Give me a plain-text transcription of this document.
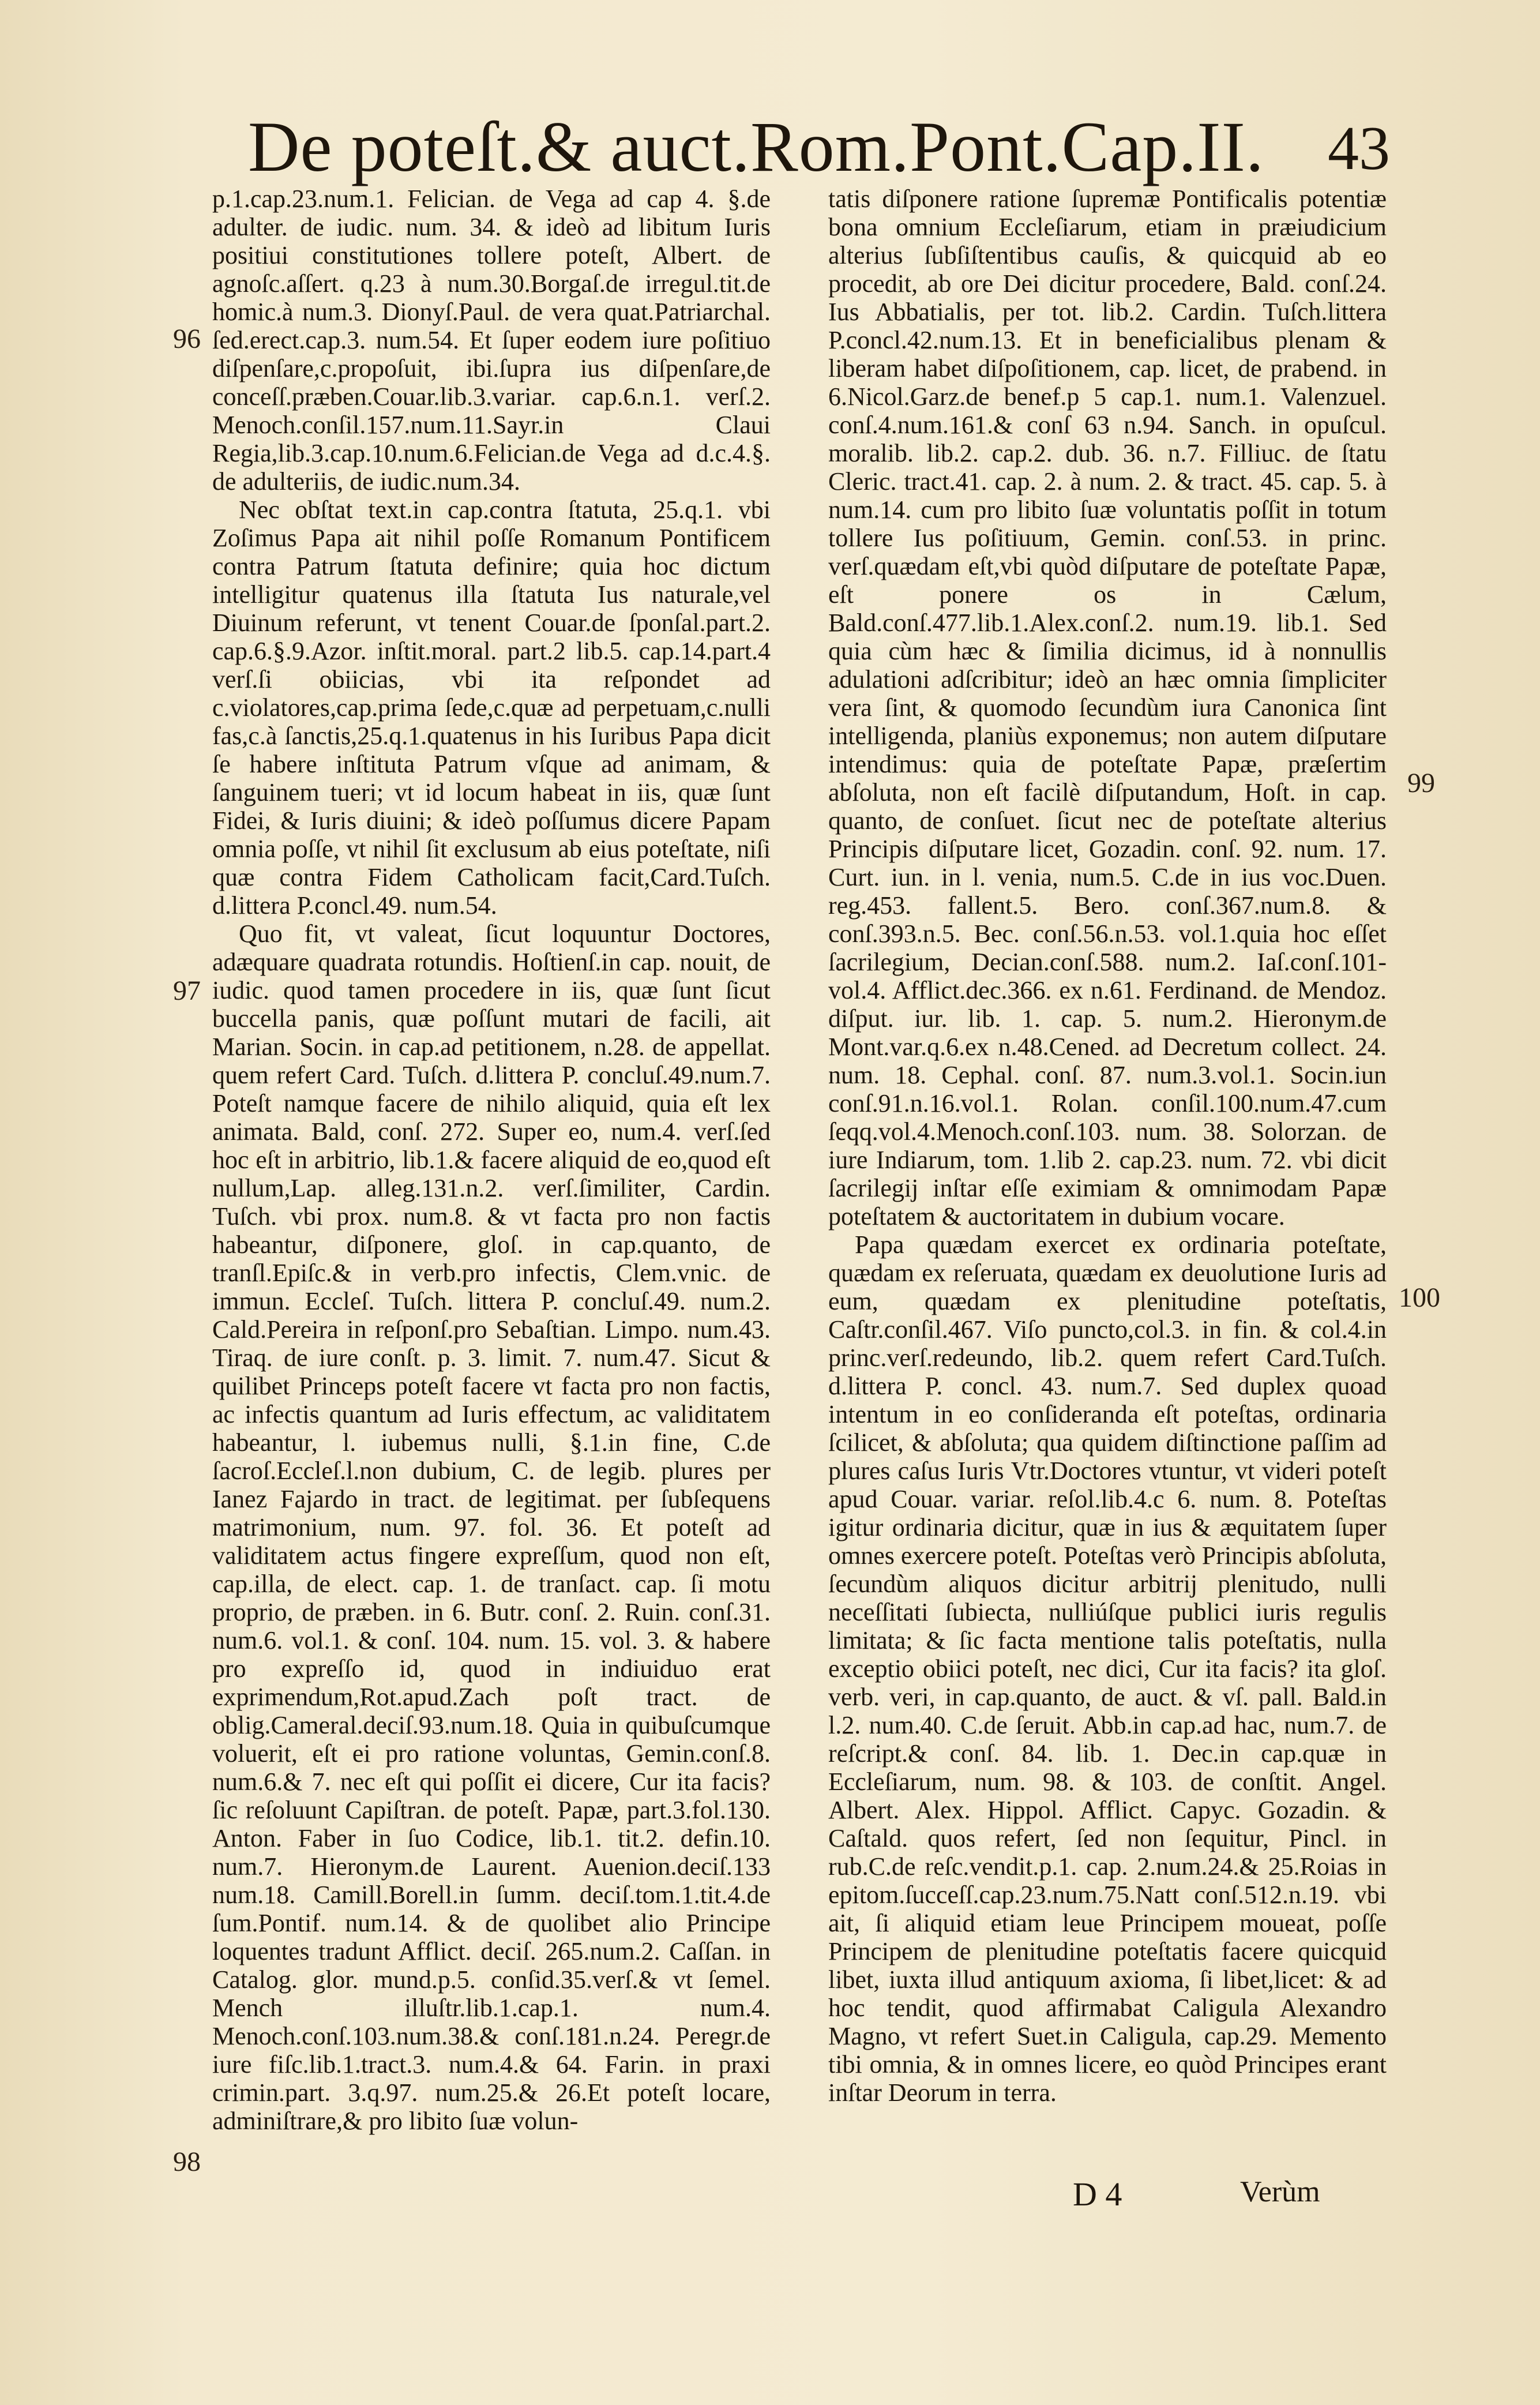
De poteſt.& auct.Rom.Pont.Cap.II. 43

p.1.cap.23.num.1. Felician. de Vega ad cap 4. §.de adulter. de iudic. num. 34. & ideò ad libitum Iuris positiui constitutiones tollere poteſt, Albert. de agnoſc.aſſert. q.23 à num.30.Borgaſ.de irregul.tit.de homic.à num.3. Dionyſ.Paul. de vera quat.Patriarchal. ſed.erect.cap.3. num.54. Et ſuper eodem iure poſitiuo diſpenſare,c.propoſuit, ibi.ſupra ius diſpenſare,de conceſſ.præben.Couar.lib.3.variar. cap.6.n.1. verſ.2. Menoch.conſil.157.num.11.Sayr.in Claui Regia,lib.3.cap.10.num.6.Felician.de Vega ad d.c.4.§. de adulteriis, de iudic.num.34.

Nec obſtat text.in cap.contra ſtatuta, 25.q.1. vbi Zoſimus Papa ait nihil poſſe Romanum Pontificem contra Patrum ſtatuta definire; quia hoc dictum intelligitur quatenus illa ſtatuta Ius naturale,vel Diuinum referunt, vt tenent Couar.de ſponſal.part.2. cap.6.§.9.Azor. inſtit.moral. part.2 lib.5. cap.14.part.4 verſ.ſi obiicias, vbi ita reſpondet ad c.violatores,cap.prima ſede,c.quæ ad perpetuam,c.nulli fas,c.à ſanctis,25.q.1.quatenus in his Iuribus Papa dicit ſe habere inſtituta Patrum vſque ad animam, & ſanguinem tueri; vt id locum habeat in iis, quæ ſunt Fidei, & Iuris diuini; & ideò poſſumus dicere Papam omnia poſſe, vt nihil ſit exclusum ab eius poteſtate, niſi quæ contra Fidem Catholicam facit,Card.Tuſch. d.littera P.concl.49. num.54.

Quo fit, vt valeat, ſicut loquuntur Doctores, adæquare quadrata rotundis. Hoſtienſ.in cap. nouit, de iudic. quod tamen procedere in iis, quæ ſunt ſicut buccella panis, quæ poſſunt mutari de facili, ait Marian. Socin. in cap.ad petitionem, n.28. de appellat. quem refert Card. Tuſch. d.littera P. concluſ.49.num.7. Poteſt namque facere de nihilo aliquid, quia eſt lex animata. Bald, conſ. 272. Super eo, num.4. verſ.ſed hoc eſt in arbitrio, lib.1.& facere aliquid de eo,quod eſt nullum,Lap. alleg.131.n.2. verſ.ſimiliter, Cardin. Tuſch. vbi prox. num.8. & vt facta pro non factis habeantur, diſponere, gloſ. in cap.quanto, de tranſl.Epiſc.& in verb.pro infectis, Clem.vnic. de immun. Eccleſ. Tuſch. littera P. concluſ.49. num.2. Cald.Pereira in reſponſ.pro Sebaſtian. Limpo. num.43. Tiraq. de iure conſt. p. 3. limit. 7. num.47. Sicut & quilibet Princeps poteſt facere vt facta pro non factis, ac infectis quantum ad Iuris effectum, ac validitatem habeantur, l. iubemus nulli, §.1.in fine, C.de ſacroſ.Eccleſ.l.non dubium, C. de legib. plures per Ianez Fajardo in tract. de legitimat. per ſubſequens matrimonium, num. 97. fol. 36. Et poteſt ad validitatem actus fingere expreſſum, quod non eſt, cap.illa, de elect. cap. 1. de tranſact. cap. ſi motu proprio, de præben. in 6. Butr. conſ. 2. Ruin. conſ.31. num.6. vol.1. & conſ. 104. num. 15. vol. 3. & habere pro expreſſo id, quod in indiuiduo erat exprimendum,Rot.apud.Zach poſt tract. de oblig.Cameral.deciſ.93.num.18. Quia in quibuſcumque voluerit, eſt ei pro ratione voluntas, Gemin.conſ.8. num.6.& 7. nec eſt qui poſſit ei dicere, Cur ita facis? ſic reſoluunt Capiſtran. de poteſt. Papæ, part.3.fol.130. Anton. Faber in ſuo Codice, lib.1. tit.2. defin.10. num.7. Hieronym.de Laurent. Auenion.deciſ.133 num.18. Camill.Borell.in ſumm. deciſ.tom.1.tit.4.de ſum.Pontif. num.14. & de quolibet alio Principe loquentes tradunt Afflict. deciſ. 265.num.2. Caſſan. in Catalog. glor. mund.p.5. conſid.35.verſ.& vt ſemel. Mench illuſtr.lib.1.cap.1. num.4. Menoch.conſ.103.num.38.& conſ.181.n.24. Peregr.de iure fiſc.lib.1.tract.3. num.4.& 64. Farin. in praxi crimin.part. 3.q.97. num.25.& 26.Et poteſt locare, adminiſtrare,& pro libito ſuæ volun-

tatis diſponere ratione ſupremæ Pontificalis potentiæ bona omnium Eccleſiarum, etiam in præiudicium alterius ſubſiſtentibus cauſis, & quicquid ab eo procedit, ab ore Dei dicitur procedere, Bald. conſ.24. Ius Abbatialis, per tot. lib.2. Cardin. Tuſch.littera P.concl.42.num.13. Et in beneficialibus plenam & liberam habet diſpoſitionem, cap. licet, de prabend. in 6.Nicol.Garz.de benef.p 5 cap.1. num.1. Valenzuel. conſ.4.num.161.& conſ 63 n.94. Sanch. in opuſcul. moralib. lib.2. cap.2. dub. 36. n.7. Filliuc. de ſtatu Cleric. tract.41. cap. 2. à num. 2. & tract. 45. cap. 5. à num.14. cum pro libito ſuæ voluntatis poſſit in totum tollere Ius poſitiuum, Gemin. conſ.53. in princ. verſ.quædam eſt,vbi quòd diſputare de poteſtate Papæ, eſt ponere os in Cælum, Bald.conſ.477.lib.1.Alex.conſ.2. num.19. lib.1. Sed quia cùm hæc & ſimilia dicimus, id à nonnullis adulationi adſcribitur; ideò an hæc omnia ſimpliciter vera ſint, & quomodo ſecundùm iura Canonica ſint intelligenda, planiùs exponemus; non autem diſputare intendimus: quia de poteſtate Papæ, præſertim abſoluta, non eſt facilè diſputandum, Hoſt. in cap. quanto, de conſuet. ſicut nec de poteſtate alterius Principis diſputare licet, Gozadin. conſ. 92. num. 17. Curt. iun. in l. venia, num.5. C.de in ius voc.Duen. reg.453. fallent.5. Bero. conſ.367.num.8. & conſ.393.n.5. Bec. conſ.56.n.53. vol.1.quia hoc eſſet ſacrilegium, Decian.conſ.588. num.2. Iaſ.conſ.101-vol.4. Afflict.dec.366. ex n.61. Ferdinand. de Mendoz. diſput. iur. lib. 1. cap. 5. num.2. Hieronym.de Mont.var.q.6.ex n.48.Cened. ad Decretum collect. 24. num. 18. Cephal. conſ. 87. num.3.vol.1. Socin.iun conſ.91.n.16.vol.1. Rolan. conſil.100.num.47.cum ſeqq.vol.4.Menoch.conſ.103. num. 38. Solorzan. de iure Indiarum, tom. 1.lib 2. cap.23. num. 72. vbi dicit ſacrilegij inſtar eſſe eximiam & omnimodam Papæ poteſtatem & auctoritatem in dubium vocare.

Papa quædam exercet ex ordinaria poteſtate, quædam ex reſeruata, quædam ex deuolutione Iuris ad eum, quædam ex plenitudine poteſtatis, Caſtr.conſil.467. Viſo puncto,col.3. in fin. & col.4.in princ.verſ.redeundo, lib.2. quem refert Card.Tuſch. d.littera P. concl. 43. num.7. Sed duplex quoad intentum in eo conſideranda eſt poteſtas, ordinaria ſcilicet, & abſoluta; qua quidem diſtinctione paſſim ad plures caſus Iuris Vtr.Doctores vtuntur, vt videri poteſt apud Couar. variar. reſol.lib.4.c 6. num. 8. Poteſtas igitur ordinaria dicitur, quæ in ius & æquitatem ſuper omnes exercere poteſt. Poteſtas verò Principis abſoluta, ſecundùm aliquos dicitur arbitrij plenitudo, nulli neceſſitati ſubiecta, nulliúſque publici iuris regulis limitata; & ſic facta mentione talis poteſtatis, nulla exceptio obiici poteſt, nec dici, Cur ita facis? ita gloſ. verb. veri, in cap.quanto, de auct. & vſ. pall. Bald.in l.2. num.40. C.de ſeruit. Abb.in cap.ad hac, num.7. de reſcript.& conſ. 84. lib. 1. Dec.in cap.quæ in Eccleſiarum, num. 98. & 103. de conſtit. Angel. Albert. Alex. Hippol. Afflict. Capyc. Gozadin. & Caſtald. quos refert, ſed non ſequitur, Pincl. in rub.C.de reſc.vendit.p.1. cap. 2.num.24.& 25.Roias in epitom.ſucceſſ.cap.23.num.75.Natt conſ.512.n.19. vbi ait, ſi aliquid etiam leue Principem moueat, poſſe Principem de plenitudine poteſtatis facere quicquid libet, iuxta illud antiquum axioma, ſi libet,licet: & ad hoc tendit, quod affirmabat Caligula Alexandro Magno, vt refert Suet.in Caligula, cap.29. Memento tibi omnia, & in omnes licere, eo quòd Principes erant inſtar Deorum in terra.

96
97
98
99
100
D 4	Verùm
